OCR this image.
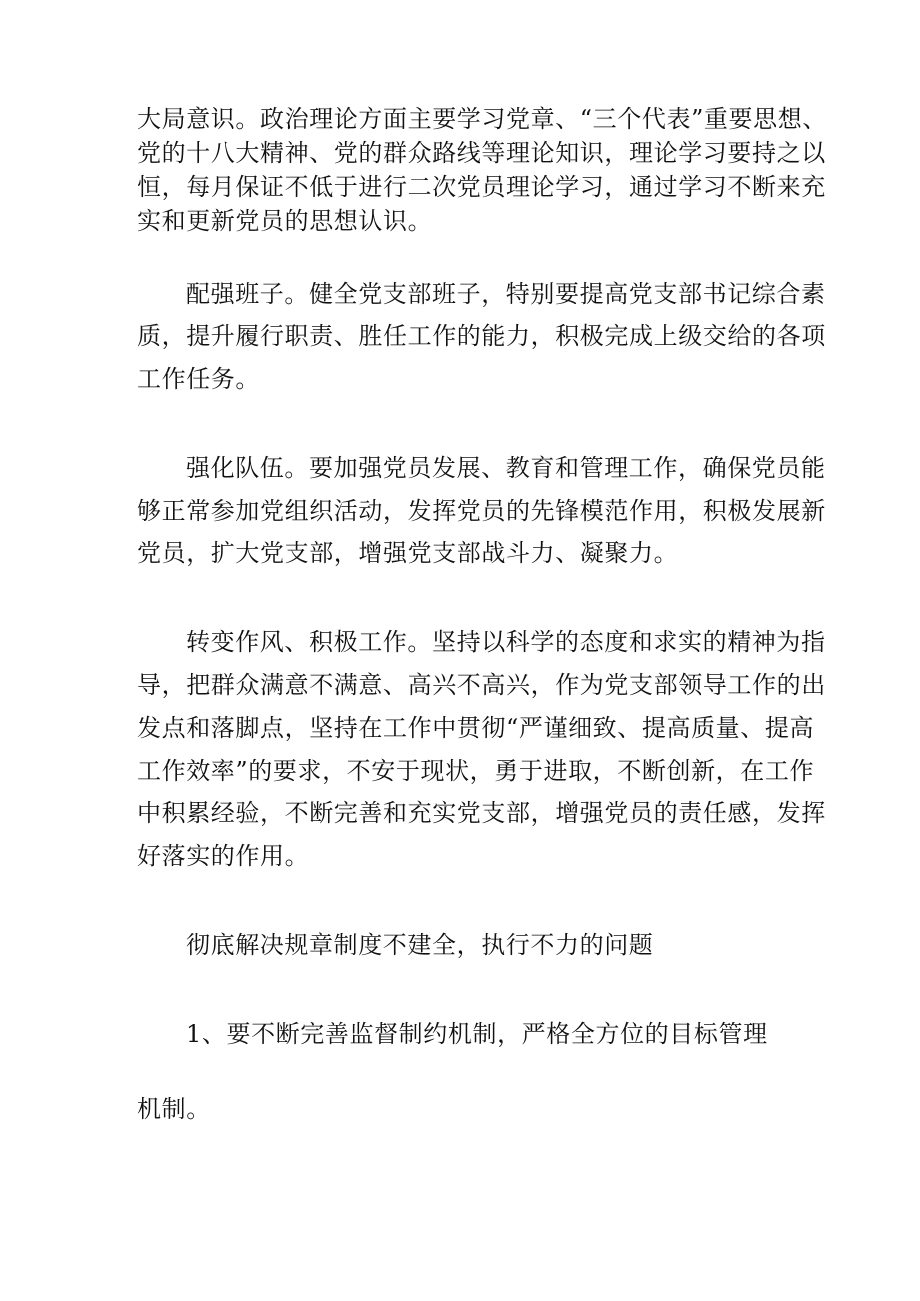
大局意识。政治理论方面主要学习党章、“三个代表”重要思想、
党的十八大精神、党的群众路线等理论知识，理论学习要持之以
恒，每月保证不低于进行二次党员理论学习，通过学习不断来充
实和更新党员的思想认识。
配强班子。健全党支部班子，特别要提高党支部书记综合素
质，提升履行职责、胜任工作的能力，积极完成上级交给的各项
工作任务。
强化队伍。要加强党员发展、教育和管理工作，确保党员能
够正常参加党组织活动，发挥党员的先锋模范作用，积极发展新
党员，扩大党支部，增强党支部战斗力、凝聚力。
转变作风、积极工作。坚持以科学的态度和求实的精神为指
导，把群众满意不满意、高兴不高兴，作为党支部领导工作的出
发点和落脚点，坚持在工作中贯彻“严谨细致、提高质量、提高
工作效率”的要求，不安于现状，勇于进取，不断创新，在工作
中积累经验，不断完善和充实党支部，增强党员的责任感，发挥
好落实的作用。
彻底解决规章制度不建全，执行不力的问题
1、要不断完善监督制约机制，严格全方位的目标管理
机制。
